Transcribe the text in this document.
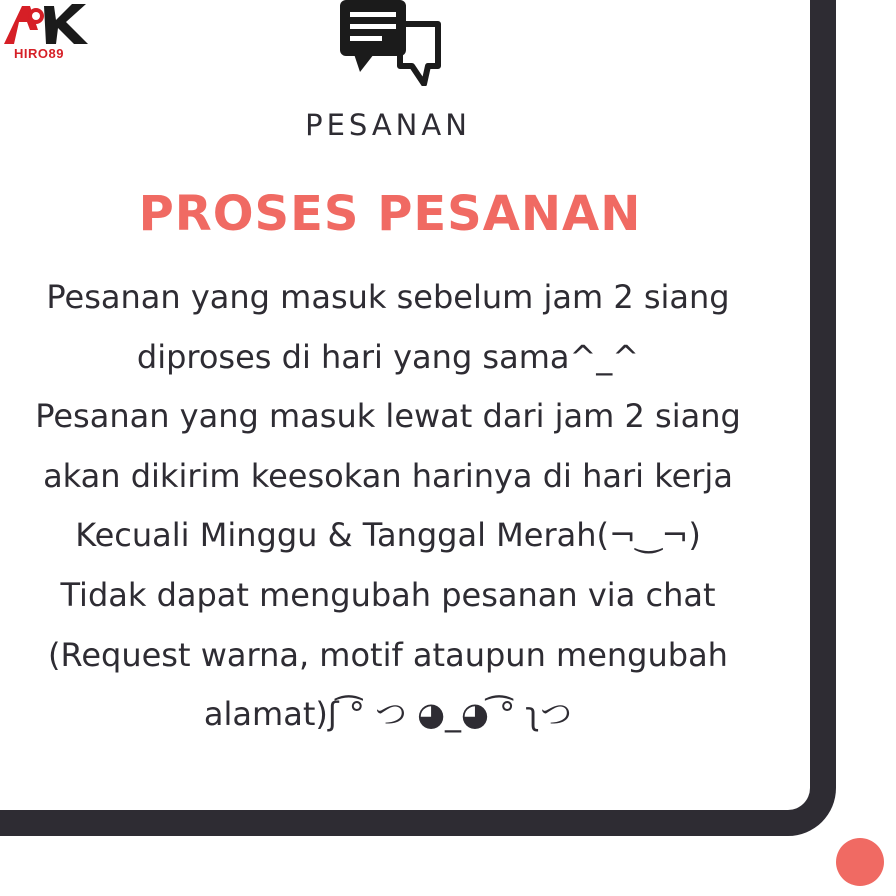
HIRO89
PESANAN
PROSES PESANAN
Pesanan yang masuk sebelum jam 2 siang
diproses di hari yang sama^_^
Pesanan yang masuk lewat dari jam 2 siang
akan dikirim keesokan harinya di hari kerja
Kecuali Minggu & Tanggal Merah(¬‿¬)
Tidak dapat mengubah pesanan via chat
(Request warna, motif ataupun mengubah
alamat)ʃ ͡° つ ◕_◕ ͡° ʅつ
